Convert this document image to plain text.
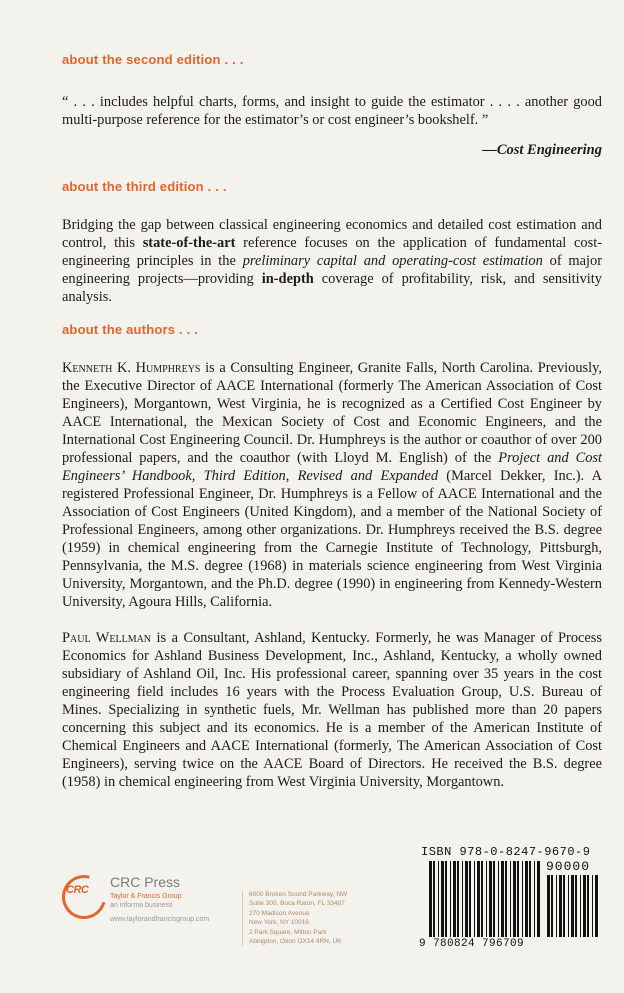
about the second edition . . .

“ . . . includes helpful charts, forms, and insight to guide the estimator . . . . another good multi-purpose reference for the estimator’s or cost engineer’s bookshelf. ”

—Cost Engineering

about the third edition . . .

Bridging the gap between classical engineering economics and detailed cost estimation and control, this state-of-the-art reference focuses on the application of fundamental cost-engineering principles in the preliminary capital and operating-cost estimation of major engineering projects—providing in-depth coverage of profitability, risk, and sensitivity analysis.

about the authors . . .

Kenneth K. Humphreys is a Consulting Engineer, Granite Falls, North Carolina. Previously, the Executive Director of AACE International (formerly The American Association of Cost Engineers), Morgantown, West Virginia, he is recognized as a Certified Cost Engineer by AACE International, the Mexican Society of Cost and Economic Engineers, and the International Cost Engineering Council. Dr. Humphreys is the author or coauthor of over 200 professional papers, and the coauthor (with Lloyd M. English) of the Project and Cost Engineers’ Handbook, Third Edition, Revised and Expanded (Marcel Dekker, Inc.). A registered Professional Engineer, Dr. Humphreys is a Fellow of AACE International and the Association of Cost Engineers (United Kingdom), and a member of the National Society of Professional Engineers, among other organizations. Dr. Humphreys received the B.S. degree (1959) in chemical engineering from the Carnegie Institute of Technology, Pittsburgh, Pennsylvania, the M.S. degree (1968) in materials science engineering from West Virginia University, Morgantown, and the Ph.D. degree (1990) in engineering from Kennedy-Western University, Agoura Hills, California.

Paul Wellman is a Consultant, Ashland, Kentucky. Formerly, he was Manager of Process Economics for Ashland Business Development, Inc., Ashland, Kentucky, a wholly owned subsidiary of Ashland Oil, Inc. His professional career, spanning over 35 years in the cost engineering field includes 16 years with the Process Evaluation Group, U.S. Bureau of Mines. Specializing in synthetic fuels, Mr. Wellman has published more than 20 papers concerning this subject and its economics. He is a member of the American Institute of Chemical Engineers and AACE International (formerly, The American Association of Cost Engineers), serving twice on the AACE Board of Directors. He received the B.S. degree (1958) in chemical engineering from West Virginia University, Morgantown.

CRC	CRC Press
Taylor & Francis Group
an informa business
www.taylorandfrancisgroup.com
6000 Broken Sound Parkway, NW
Suite 300, Boca Raton, FL 33487
270 Madison Avenue
New York, NY 10016
2 Park Square, Milton Park
Abingdon, Oxon OX14 4RN, UK
ISBN 978-0-8247-9670-9
90000
9 780824 796709
